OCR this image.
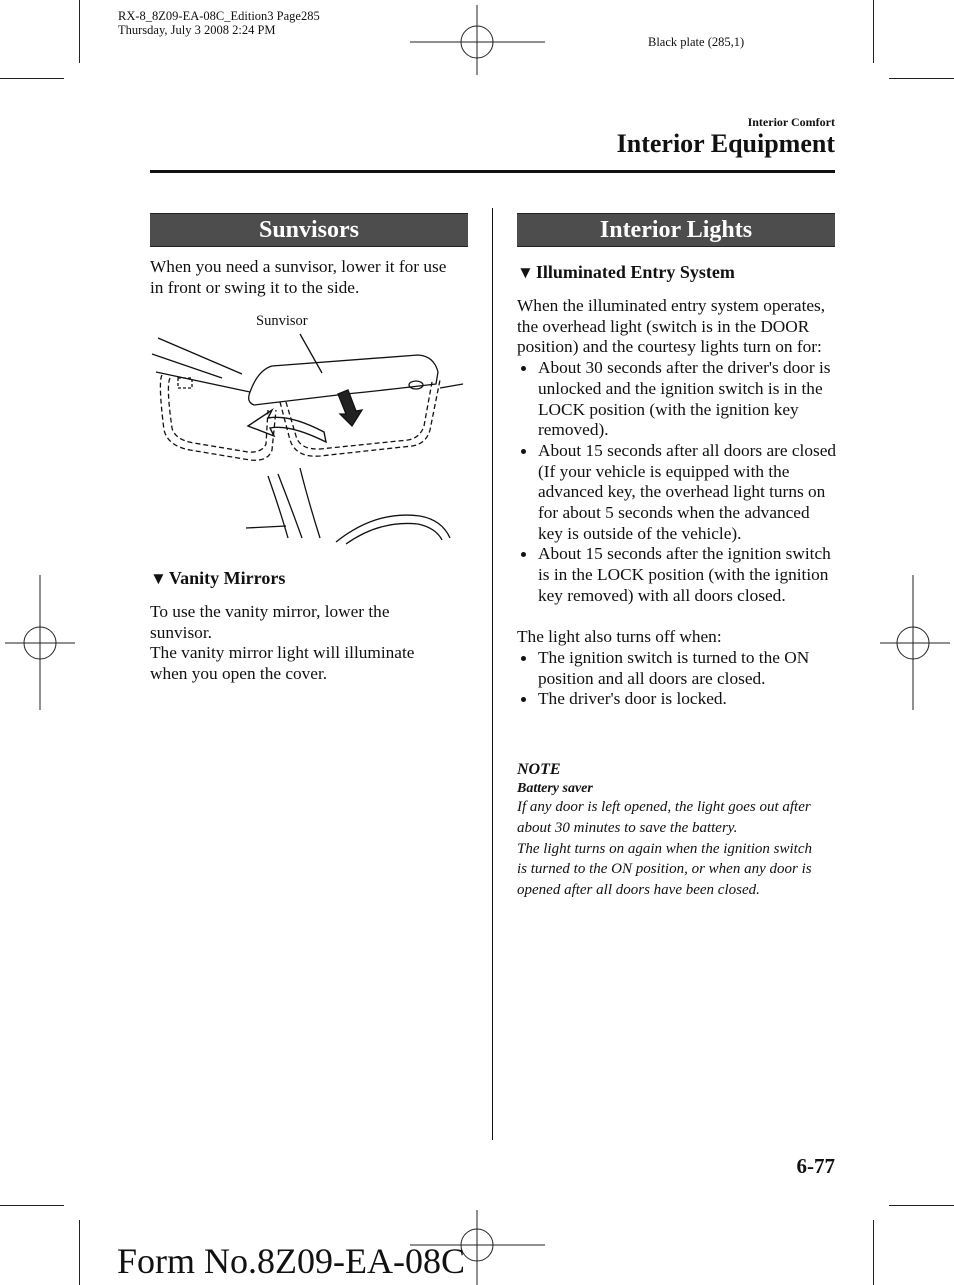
RX-8_8Z09-EA-08C_Edition3 Page285
Thursday, July 3 2008 2:24 PM
Black plate (285,1)
Interior Comfort
Interior Equipment
Sunvisors
When you need a sunvisor, lower it for use in front or swing it to the side.
Sunvisor
▼ Vanity Mirrors
To use the vanity mirror, lower the sunvisor.
The vanity mirror light will illuminate when you open the cover.
Interior Lights
▼ Illuminated Entry System
When the illuminated entry system operates, the overhead light (switch is in the DOOR position) and the courtesy lights turn on for:
About 30 seconds after the driver's door is unlocked and the ignition switch is in the LOCK position (with the ignition key removed).
About 15 seconds after all doors are closed (If your vehicle is equipped with the advanced key, the overhead light turns on for about 5 seconds when the advanced key is outside of the vehicle).
About 15 seconds after the ignition switch is in the LOCK position (with the ignition key removed) with all doors closed.
The light also turns off when:
The ignition switch is turned to the ON position and all doors are closed.
The driver's door is locked.
NOTE
Battery saver
If any door is left opened, the light goes out after about 30 minutes to save the battery.
The light turns on again when the ignition switch is turned to the ON position, or when any door is opened after all doors have been closed.
6-77
Form No.8Z09-EA-08C
